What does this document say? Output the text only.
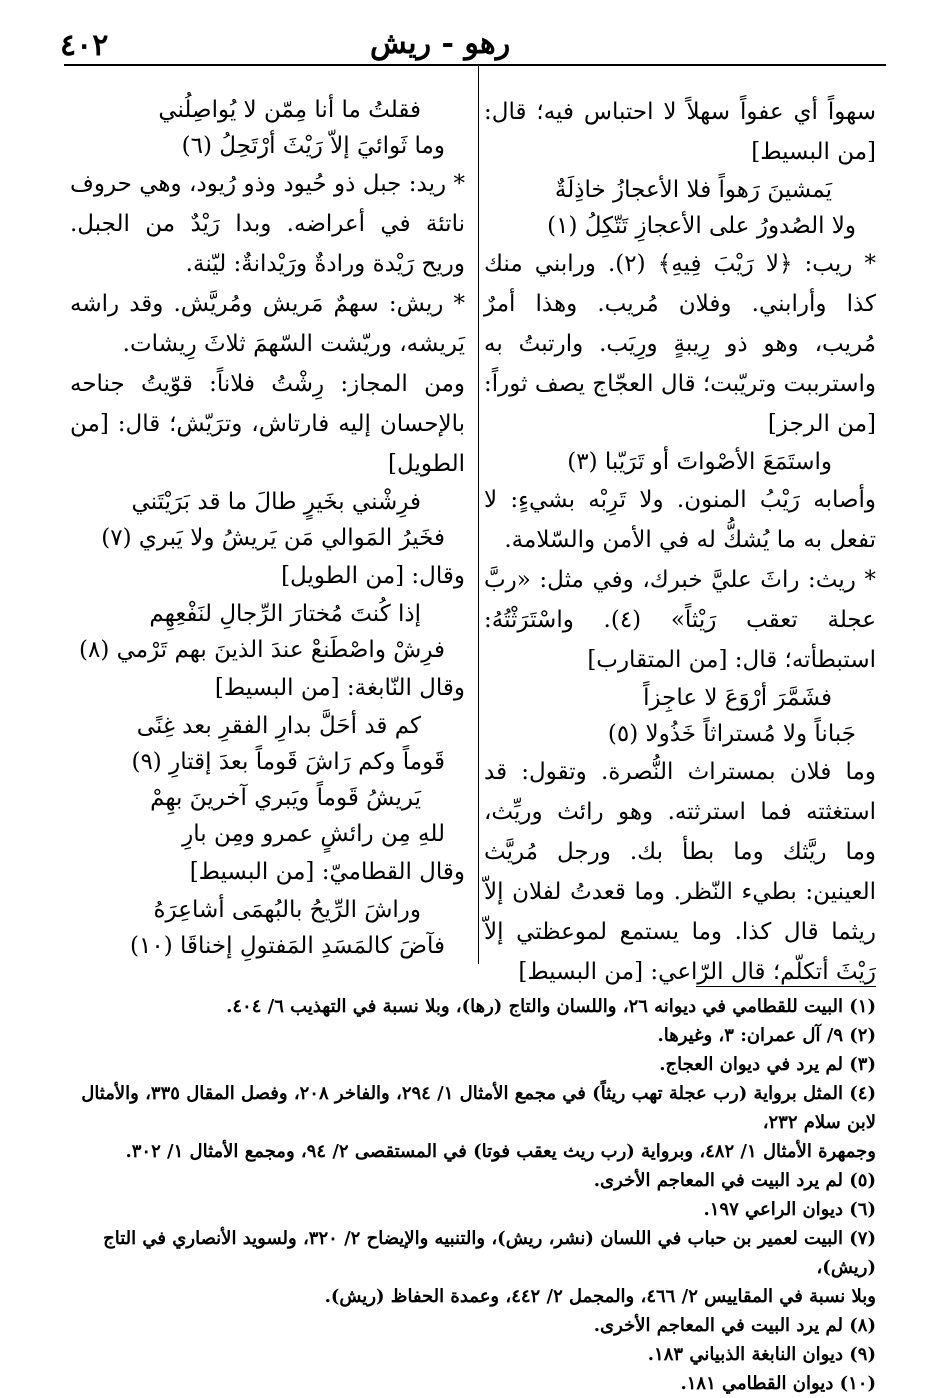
٤٠٢	رهو - ريش

سهواً أي عفواً سهلاً لا احتباس فيه؛ قال: [من البسيط]

يَمشينَ رَهواً فلا الأعجازُ خاذِلَةٌ

ولا الصُدورُ على الأعجازِ تَتّكِلُ (١)

* ريب: ﴿لا رَيْبَ فِيهِ﴾ (٢). ورابني منك كذا وأرابني. وفلان مُريب. وهذا أمرٌ مُريب، وهو ذو رِيبةٍ ورِيَب. وارتبتُ به واسترببت وتريّبت؛ قال العجّاج يصف ثوراً: [من الرجز]

واستَمَعَ الأصْواتَ أو تَرَيّبا (٣)

وأصابه رَيْبُ المنون. ولا تَرِبْه بشيءٍ: لا تفعل به ما يُشكُّ له في الأمن والسّلامة.

* ريث: راثَ عليَّ خبرك، وفي مثل: «ربَّ عجلة تعقب رَيْثاً» (٤). واسْتَرَثْتُهُ: استبطأته؛ قال: [من المتقارب]

فشَمَّرَ أرْوَعَ لا عاجِزاً

جَباناً ولا مُستراثاً خَذُولا (٥)

وما فلان بمستراث النُّصرة. وتقول: قد استغثته فما استرثته. وهو رائث وريِّث، وما ريَّثك وما بطأ بك. ورجل مُريَّث العينين: بطيء النّظر. وما قعدتُ لفلان إلاّ ريثما قال كذا. وما يستمع لموعظتي إلاّ رَيْثَ أتكلّم؛ قال الرّاعي: [من البسيط]

فقلتُ ما أنا مِمّن لا يُواصِلُني

وما ثَوائيَ إلاّ رَيْثَ أرْتَحِلُ (٦)

* ريد: جبل ذو حُيود وذو رُيود، وهي حروف ناتئة في أعراضه. وبدا رَيْدٌ من الجبل. وريح رَيْدة ورادةٌ ورَيْدانةٌ: ليّنة.

* ريش: سهمٌ مَريش ومُريَّش. وقد راشه يَريشه، وريّشت السّهمَ ثلاثَ رِيشات.

ومن المجاز: رِشْتُ فلاناً: قوّيتُ جناحه بالإحسان إليه فارتاش، وترَيّش؛ قال: [من الطويل]

فرِشْني بخَيرٍ طالَ ما قد بَرَيْتَني

فخَيرُ المَوالي مَن يَريشُ ولا يَبري (٧)

وقال: [من الطويل]

إذا كُنتَ مُختارَ الرِّجالِ لنَفْعِهِم

فرِشْ واصْطَنعْ عندَ الذينَ بهم تَرْمي (٨)

وقال النّابغة: [من البسيط]

كم قد أحَلَّ بدارِ الفقرِ بعد غِنًى

قَوماً وكم رَاشَ قَوماً بعدَ إقتارِ (٩)

يَريشُ قَوماً ويَبري آخرينَ بهِمْ

للهِ مِن رائشٍ عمرو ومِن بارِ

وقال القطاميّ: [من البسيط]

وراشَ الرِّيحُ بالبُهمَى أشاعِرَهُ

فآضَ كالمَسَدِ المَفتولِ إخناقَا (١٠)

(١) البيت للقطامي في ديوانه ٢٦، واللسان والتاج (رها)، وبلا نسبة في التهذيب ٦/ ٤٠٤.
(٢) ٩/ آل عمران: ٣، وغيرها.
(٣) لم يرد في ديوان العجاج.
(٤) المثل برواية (رب عجلة تهب ريثاً) في مجمع الأمثال ١/ ٢٩٤، والفاخر ٢٠٨، وفصل المقال ٣٣٥، والأمثال لابن سلام ٢٣٢،
وجمهرة الأمثال ١/ ٤٨٢، وبرواية (رب ريث يعقب فوتا) في المستقصى ٢/ ٩٤، ومجمع الأمثال ١/ ٣٠٢.
(٥) لم يرد البيت في المعاجم الأخرى.
(٦) ديوان الراعي ١٩٧.
(٧) البيت لعمير بن حباب في اللسان (نشر، ريش)، والتنبيه والإيضاح ٢/ ٣٢٠، ولسويد الأنصاري في التاج (ريش)،
وبلا نسبة في المقاييس ٢/ ٤٦٦، والمجمل ٢/ ٤٤٢، وعمدة الحفاظ (ريش).
(٨) لم يرد البيت في المعاجم الأخرى.
(٩) ديوان النابغة الذبياني ١٨٣.
(١٠) ديوان القطامي ١٨١.
